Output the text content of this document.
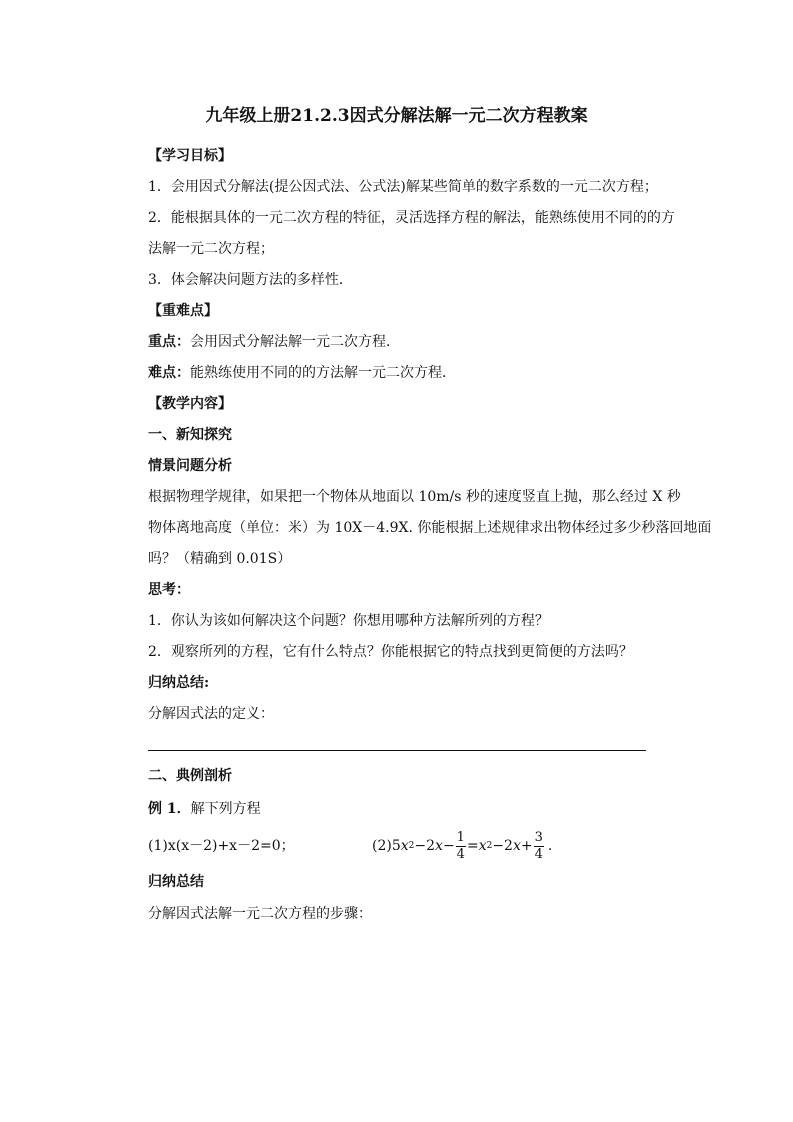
九年级上册21.2.3因式分解法解一元二次方程教案
【学习目标】
1．会用因式分解法(提公因式法、公式法)解某些简单的数字系数的一元二次方程；
2．能根据具体的一元二次方程的特征，灵活选择方程的解法，能熟练使用不同的的方
法解一元二次方程；
3．体会解决问题方法的多样性．
【重难点】
重点：会用因式分解法解一元二次方程．
难点：能熟练使用不同的的方法解一元二次方程．
【教学内容】
一、新知探究
情景问题分析
根据物理学规律，如果把一个物体从地面以 10m/s 秒的速度竖直上抛，那么经过 X 秒
物体离地高度（单位：米）为 10X－4.9X. 你能根据上述规律求出物体经过多少秒落回地面
吗？（精确到 0.01S）
思考：
1．你认为该如何解决这个问题？你想用哪种方法解所列的方程？
2．观察所列的方程，它有什么特点？你能根据它的特点找到更简便的方法吗？
归纳总结:
分解因式法的定义：
二、典例剖析
例 1．解下列方程
(1)x(x－2)+x－2=0；	(2)5 x 2 −2 $x - \frac{1}{4} = x$ 2 −2 $x + \frac{3}{4}$ .
归纳总结
分解因式法解一元二次方程的步骤：
